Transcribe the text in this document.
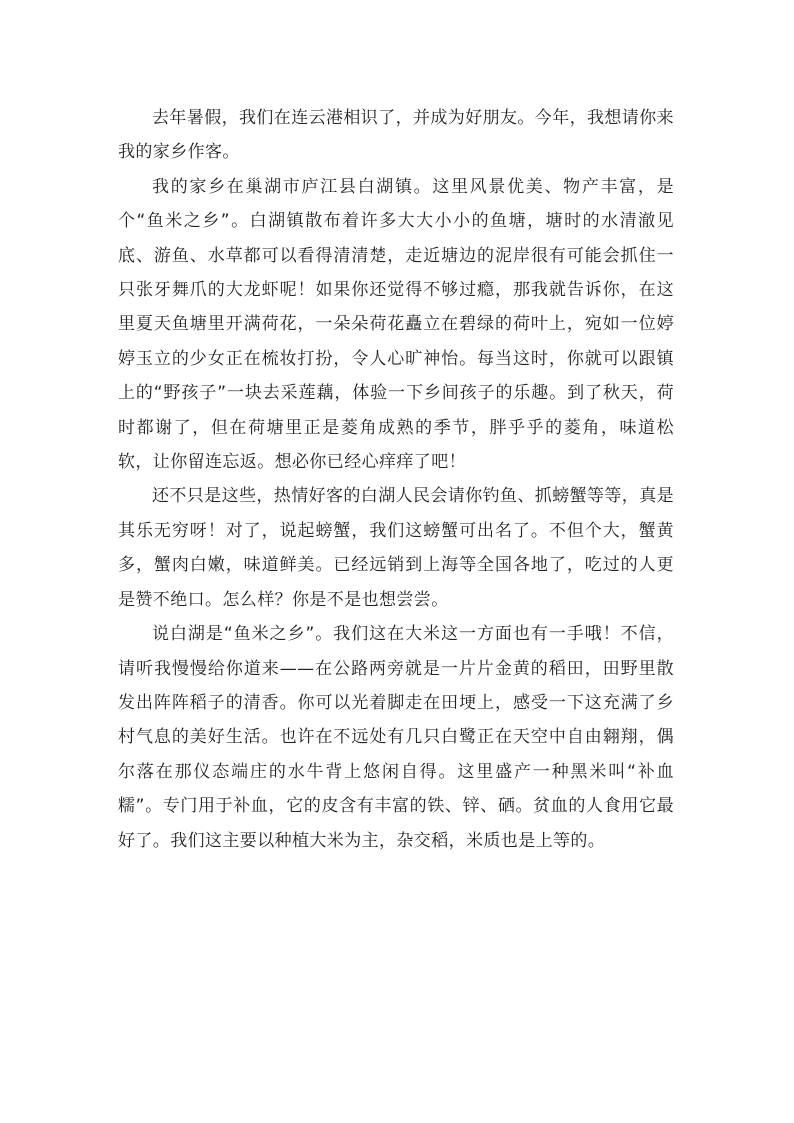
去年暑假，我们在连云港相识了，并成为好朋友。今年，我想请你来我的家乡作客。

我的家乡在巢湖市庐江县白湖镇。这里风景优美、物产丰富，是个“鱼米之乡”。白湖镇散布着许多大大小小的鱼塘，塘时的水清澈见底、游鱼、水草都可以看得清清楚，走近塘边的泥岸很有可能会抓住一只张牙舞爪的大龙虾呢！如果你还觉得不够过瘾，那我就告诉你，在这里夏天鱼塘里开满荷花，一朵朵荷花矗立在碧绿的荷叶上，宛如一位婷婷玉立的少女正在梳妆打扮，令人心旷神怡。每当这时，你就可以跟镇上的“野孩子”一块去采莲藕，体验一下乡间孩子的乐趣。到了秋天，荷时都谢了，但在荷塘里正是菱角成熟的季节，胖乎乎的菱角，味道松软，让你留连忘返。想必你已经心痒痒了吧！

还不只是这些，热情好客的白湖人民会请你钓鱼、抓螃蟹等等，真是其乐无穷呀！对了，说起螃蟹，我们这螃蟹可出名了。不但个大，蟹黄多，蟹肉白嫩，味道鲜美。已经远销到上海等全国各地了，吃过的人更是赞不绝口。怎么样？你是不是也想尝尝。

说白湖是“鱼米之乡”。我们这在大米这一方面也有一手哦！不信，请听我慢慢给你道来——在公路两旁就是一片片金黄的稻田，田野里散发出阵阵稻子的清香。你可以光着脚走在田埂上，感受一下这充满了乡村气息的美好生活。也许在不远处有几只白鹭正在天空中自由翱翔，偶尔落在那仪态端庄的水牛背上悠闲自得。这里盛产一种黑米叫“补血糯”。专门用于补血，它的皮含有丰富的铁、锌、硒。贫血的人食用它最好了。我们这主要以种植大米为主，杂交稻，米质也是上等的。
